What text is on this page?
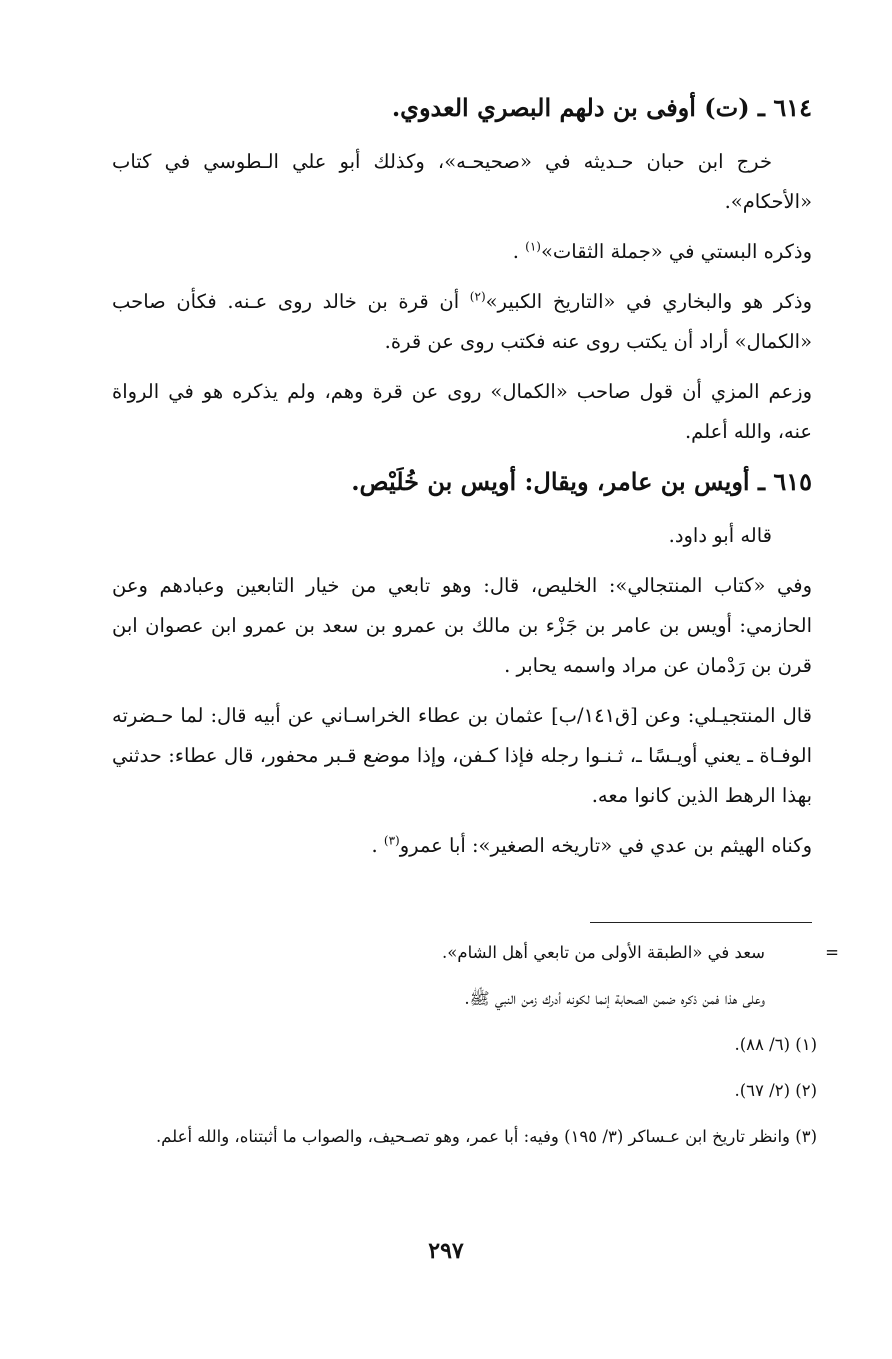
٦١٤ ـ (ت) أوفى بن دلهم البصري العدوي.

خرج ابن حبان حـديثه في «صحيحـه»، وكذلك أبو علي الـطوسي في كتاب «الأحكام».

وذكره البستي في «جملة الثقات»$^{(١)}$ .

وذكر هو والبخاري في «التاريخ الكبير»$^{(٢)}$ أن قرة بن خالد روى عـنه. فكأن صاحب «الكمال» أراد أن يكتب روى عنه فكتب روى عن قرة.

وزعم المزي أن قول صاحب «الكمال» روى عن قرة وهم، ولم يذكره هو في الرواة عنه، والله أعلم.

٦١٥ ـ أويس بن عامر، ويقال: أويس بن خُلَيْص.

قاله أبو داود.

وفي «كتاب المنتجالي»: الخليص، قال: وهو تابعي من خيار التابعين وعبادهم وعن الحازمي: أويس بن عامر بن جَزْء بن مالك بن عمرو بن سعد بن عمرو ابن عصوان ابن قرن بن رَدْمان عن مراد واسمه يحابر .

قال المنتجيـلي: وعن [ق١٤١/ب] عثمان بن عطاء الخراسـاني عن أبيه قال: لما حـضرته الوفـاة ـ يعني أويـسًا ـ، ثـنـوا رجله فإذا كـفن، وإذا موضع قـبر محفور، قال عطاء: حدثني بهذا الرهط الذين كانوا معه.

وكناه الهيثم بن عدي في «تاريخه الصغير»: أبا عمرو$^{(٣)}$ .

=
سعد في «الطبقة الأولى من تابعي أهل الشام».
وعلى هذا فمن ذكره ضمن الصحابة إنما لكونه أدرك زمن النبي ﷺ.
(١) (٦/ ٨٨).
(٢) (٢/ ٦٧).
(٣) وانظر تاريخ ابن عـساكر (٣/ ١٩٥) وفيه: أبا عمر، وهو تصـحيف، والصواب ما أثبتناه، والله أعلم.
٢٩٧
